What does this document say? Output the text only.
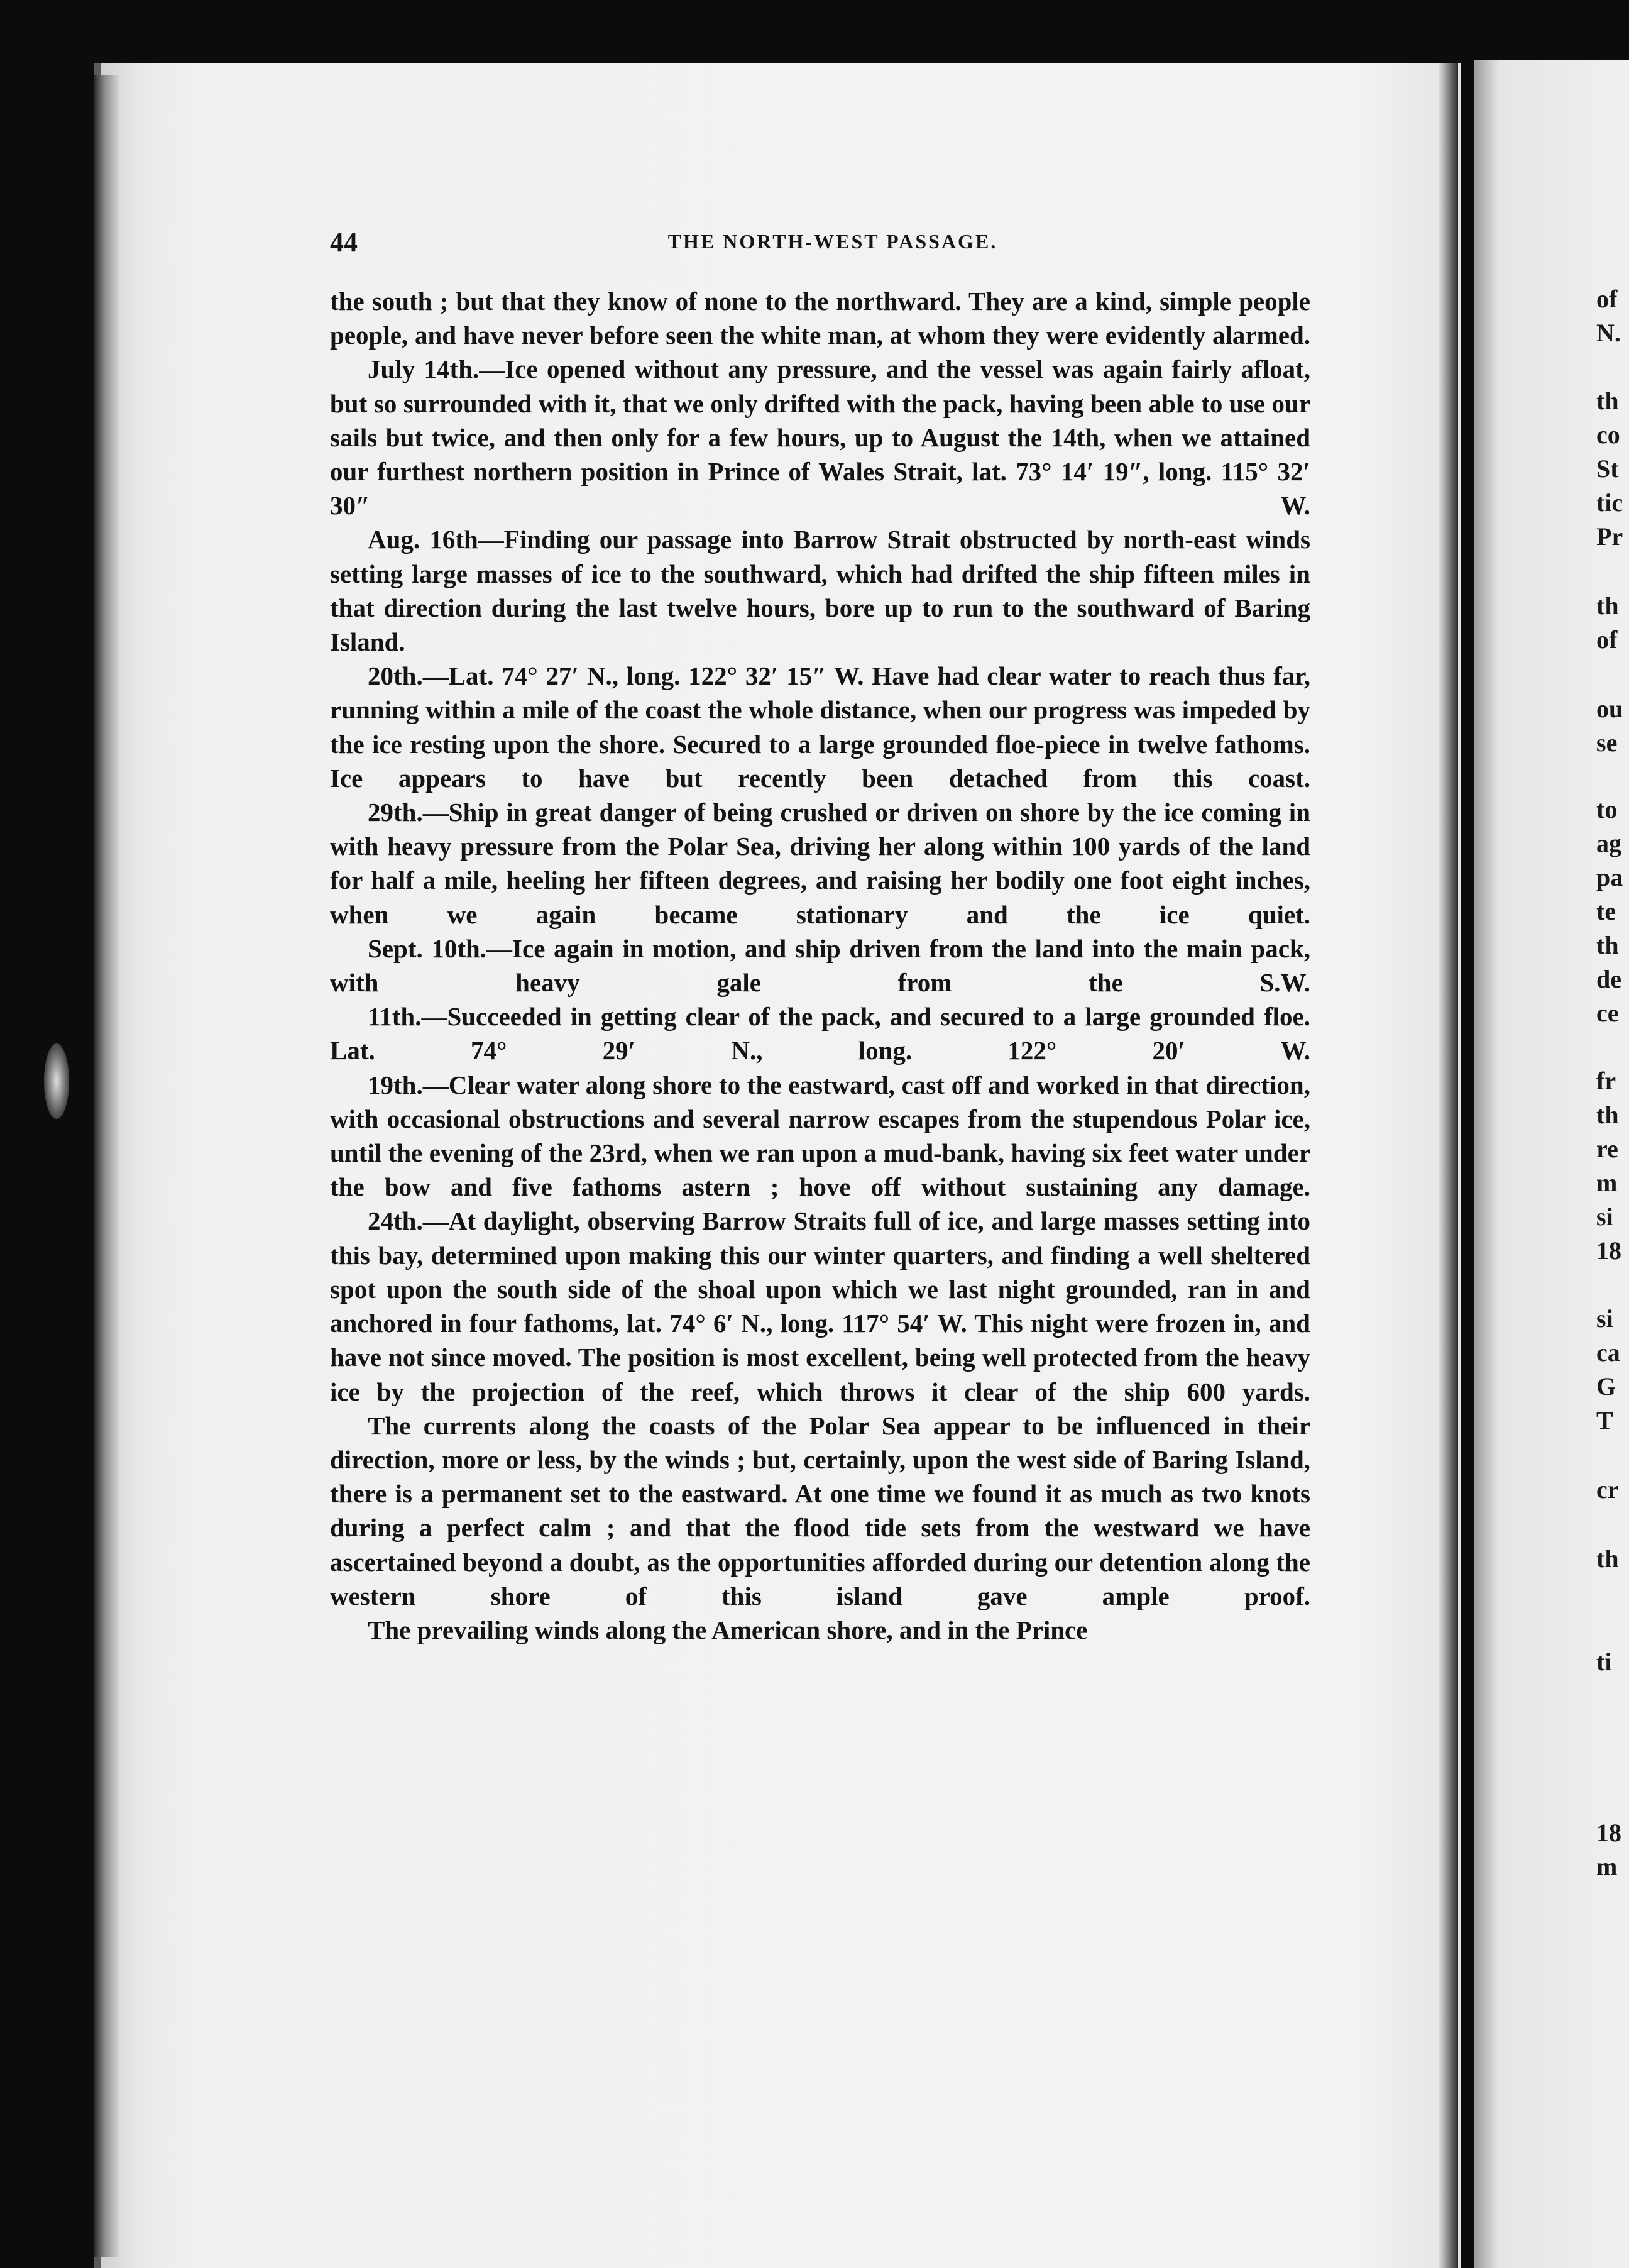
44	THE NORTH-WEST PASSAGE.

the south ; but that they know of none to the northward. They are a kind, simple people people, and have never before seen the white man, at whom they were evidently alarmed.

July 14th.—Ice opened without any pressure, and the vessel was again fairly afloat, but so surrounded with it, that we only drifted with the pack, having been able to use our sails but twice, and then only for a few hours, up to August the 14th, when we attained our furthest northern position in Prince of Wales Strait, lat. 73° 14′ 19″, long. 115° 32′ 30″ W.

Aug. 16th—Finding our passage into Barrow Strait obstructed by north-east winds setting large masses of ice to the southward, which had drifted the ship fifteen miles in that direction during the last twelve hours, bore up to run to the southward of Baring Island.

20th.—Lat. 74° 27′ N., long. 122° 32′ 15″ W. Have had clear water to reach thus far, running within a mile of the coast the whole distance, when our progress was impeded by the ice resting upon the shore. Secured to a large grounded floe-piece in twelve fathoms. Ice appears to have but recently been detached from this coast.

29th.—Ship in great danger of being crushed or driven on shore by the ice coming in with heavy pressure from the Polar Sea, driving her along within 100 yards of the land for half a mile, heeling her fifteen degrees, and raising her bodily one foot eight inches, when we again became stationary and the ice quiet.

Sept. 10th.—Ice again in motion, and ship driven from the land into the main pack, with heavy gale from the S.W.

11th.—Succeeded in getting clear of the pack, and secured to a large grounded floe. Lat. 74° 29′ N., long. 122° 20′ W.

19th.—Clear water along shore to the eastward, cast off and worked in that direction, with occasional obstructions and several narrow escapes from the stupendous Polar ice, until the evening of the 23rd, when we ran upon a mud-bank, having six feet water under the bow and five fathoms astern ; hove off without sustaining any damage.

24th.—At daylight, observing Barrow Straits full of ice, and large masses setting into this bay, determined upon making this our winter quarters, and finding a well sheltered spot upon the south side of the shoal upon which we last night grounded, ran in and anchored in four fathoms, lat. 74° 6′ N., long. 117° 54′ W. This night were frozen in, and have not since moved. The position is most excellent, being well protected from the heavy ice by the projection of the reef, which throws it clear of the ship 600 yards.

The currents along the coasts of the Polar Sea appear to be influenced in their direction, more or less, by the winds ; but, certainly, upon the west side of Baring Island, there is a permanent set to the eastward. At one time we found it as much as two knots during a perfect calm ; and that the flood tide sets from the westward we have ascertained beyond a doubt, as the opportunities afforded during our detention along the western shore of this island gave ample proof.

The prevailing winds along the American shore, and in the Prince

of
N.
th
co
St
tic
Pr
th
of
ou
se
to
ag
pa
te
th
de
ce
fr
th
re
m
si
18
si
ca
G
T
cr
th
ti
18
m
